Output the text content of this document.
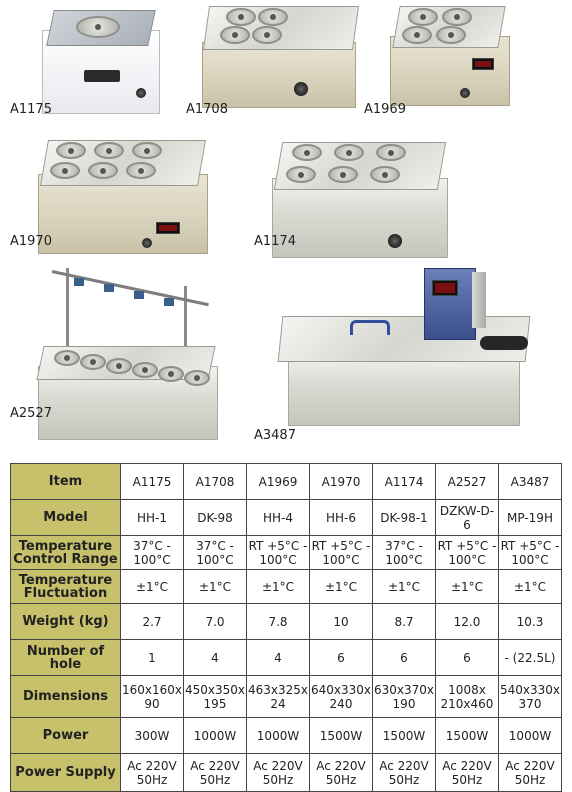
A1175	A1708	A1969
A1970	A1174
A2527
A3487
Item	A1175	A1708	A1969	A1970	A1174	A2527	A3487
Model	HH-1	DK-98	HH-4	HH-6	DK-98-1	DZKW-D-6	MP-19H
Temperature Control Range	37°C - 100°C	37°C - 100°C	RT +5°C - 100°C	RT +5°C - 100°C	37°C - 100°C	RT +5°C - 100°C	RT +5°C - 100°C
Temperature Fluctuation	±1°C	±1°C	±1°C	±1°C	±1°C	±1°C	±1°C
Weight (kg)	2.7	7.0	7.8	10	8.7	12.0	10.3
Number of hole	1	4	4	6	6	6	- (22.5L)
Dimensions	160x160x 90	450x350x 195	463x325x 24	640x330x 240	630x370x 190	1008x 210x460	540x330x 370
Power	300W	1000W	1000W	1500W	1500W	1500W	1000W
Power Supply	Ac 220V 50Hz	Ac 220V 50Hz	Ac 220V 50Hz	Ac 220V 50Hz	Ac 220V 50Hz	Ac 220V 50Hz	Ac 220V 50Hz
